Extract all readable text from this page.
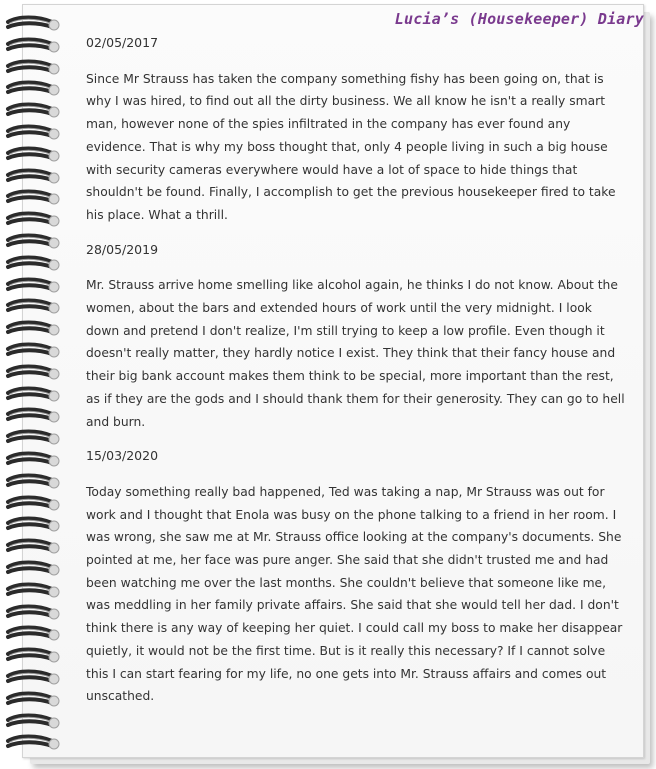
Lucia’s (Housekeeper) Diary

02/05/2017

Since Mr Strauss has taken the company something fishy has been going on, that is why I was hired, to find out all the dirty business. We all know he isn't a really smart man, however none of the spies infiltrated in the company has ever found any evidence. That is why my boss thought that, only 4 people living in such a big house with security cameras everywhere would have a lot of space to hide things that shouldn't be found. Finally, I accomplish to get the previous housekeeper fired to take his place. What a thrill.

28/05/2019

Mr. Strauss arrive home smelling like alcohol again, he thinks I do not know. About the women, about the bars and extended hours of work until the very midnight. I look down and pretend I don't realize, I'm still trying to keep a low profile. Even though it doesn't really matter, they hardly notice I exist. They think that their fancy house and their big bank account makes them think to be special, more important than the rest, as if they are the gods and I should thank them for their generosity. They can go to hell and burn.

15/03/2020

Today something really bad happened, Ted was taking a nap, Mr Strauss was out for work and I thought that Enola was busy on the phone talking to a friend in her room. I was wrong, she saw me at Mr. Strauss office looking at the company's documents. She pointed at me, her face was pure anger. She said that she didn't trusted me and had been watching me over the last months. She couldn't believe that someone like me, was meddling in her family private affairs. She said that she would tell her dad. I don't think there is any way of keeping her quiet. I could call my boss to make her disappear quietly, it would not be the first time. But is it really this necessary? If I cannot solve this I can start fearing for my life, no one gets into Mr. Strauss affairs and comes out unscathed.
